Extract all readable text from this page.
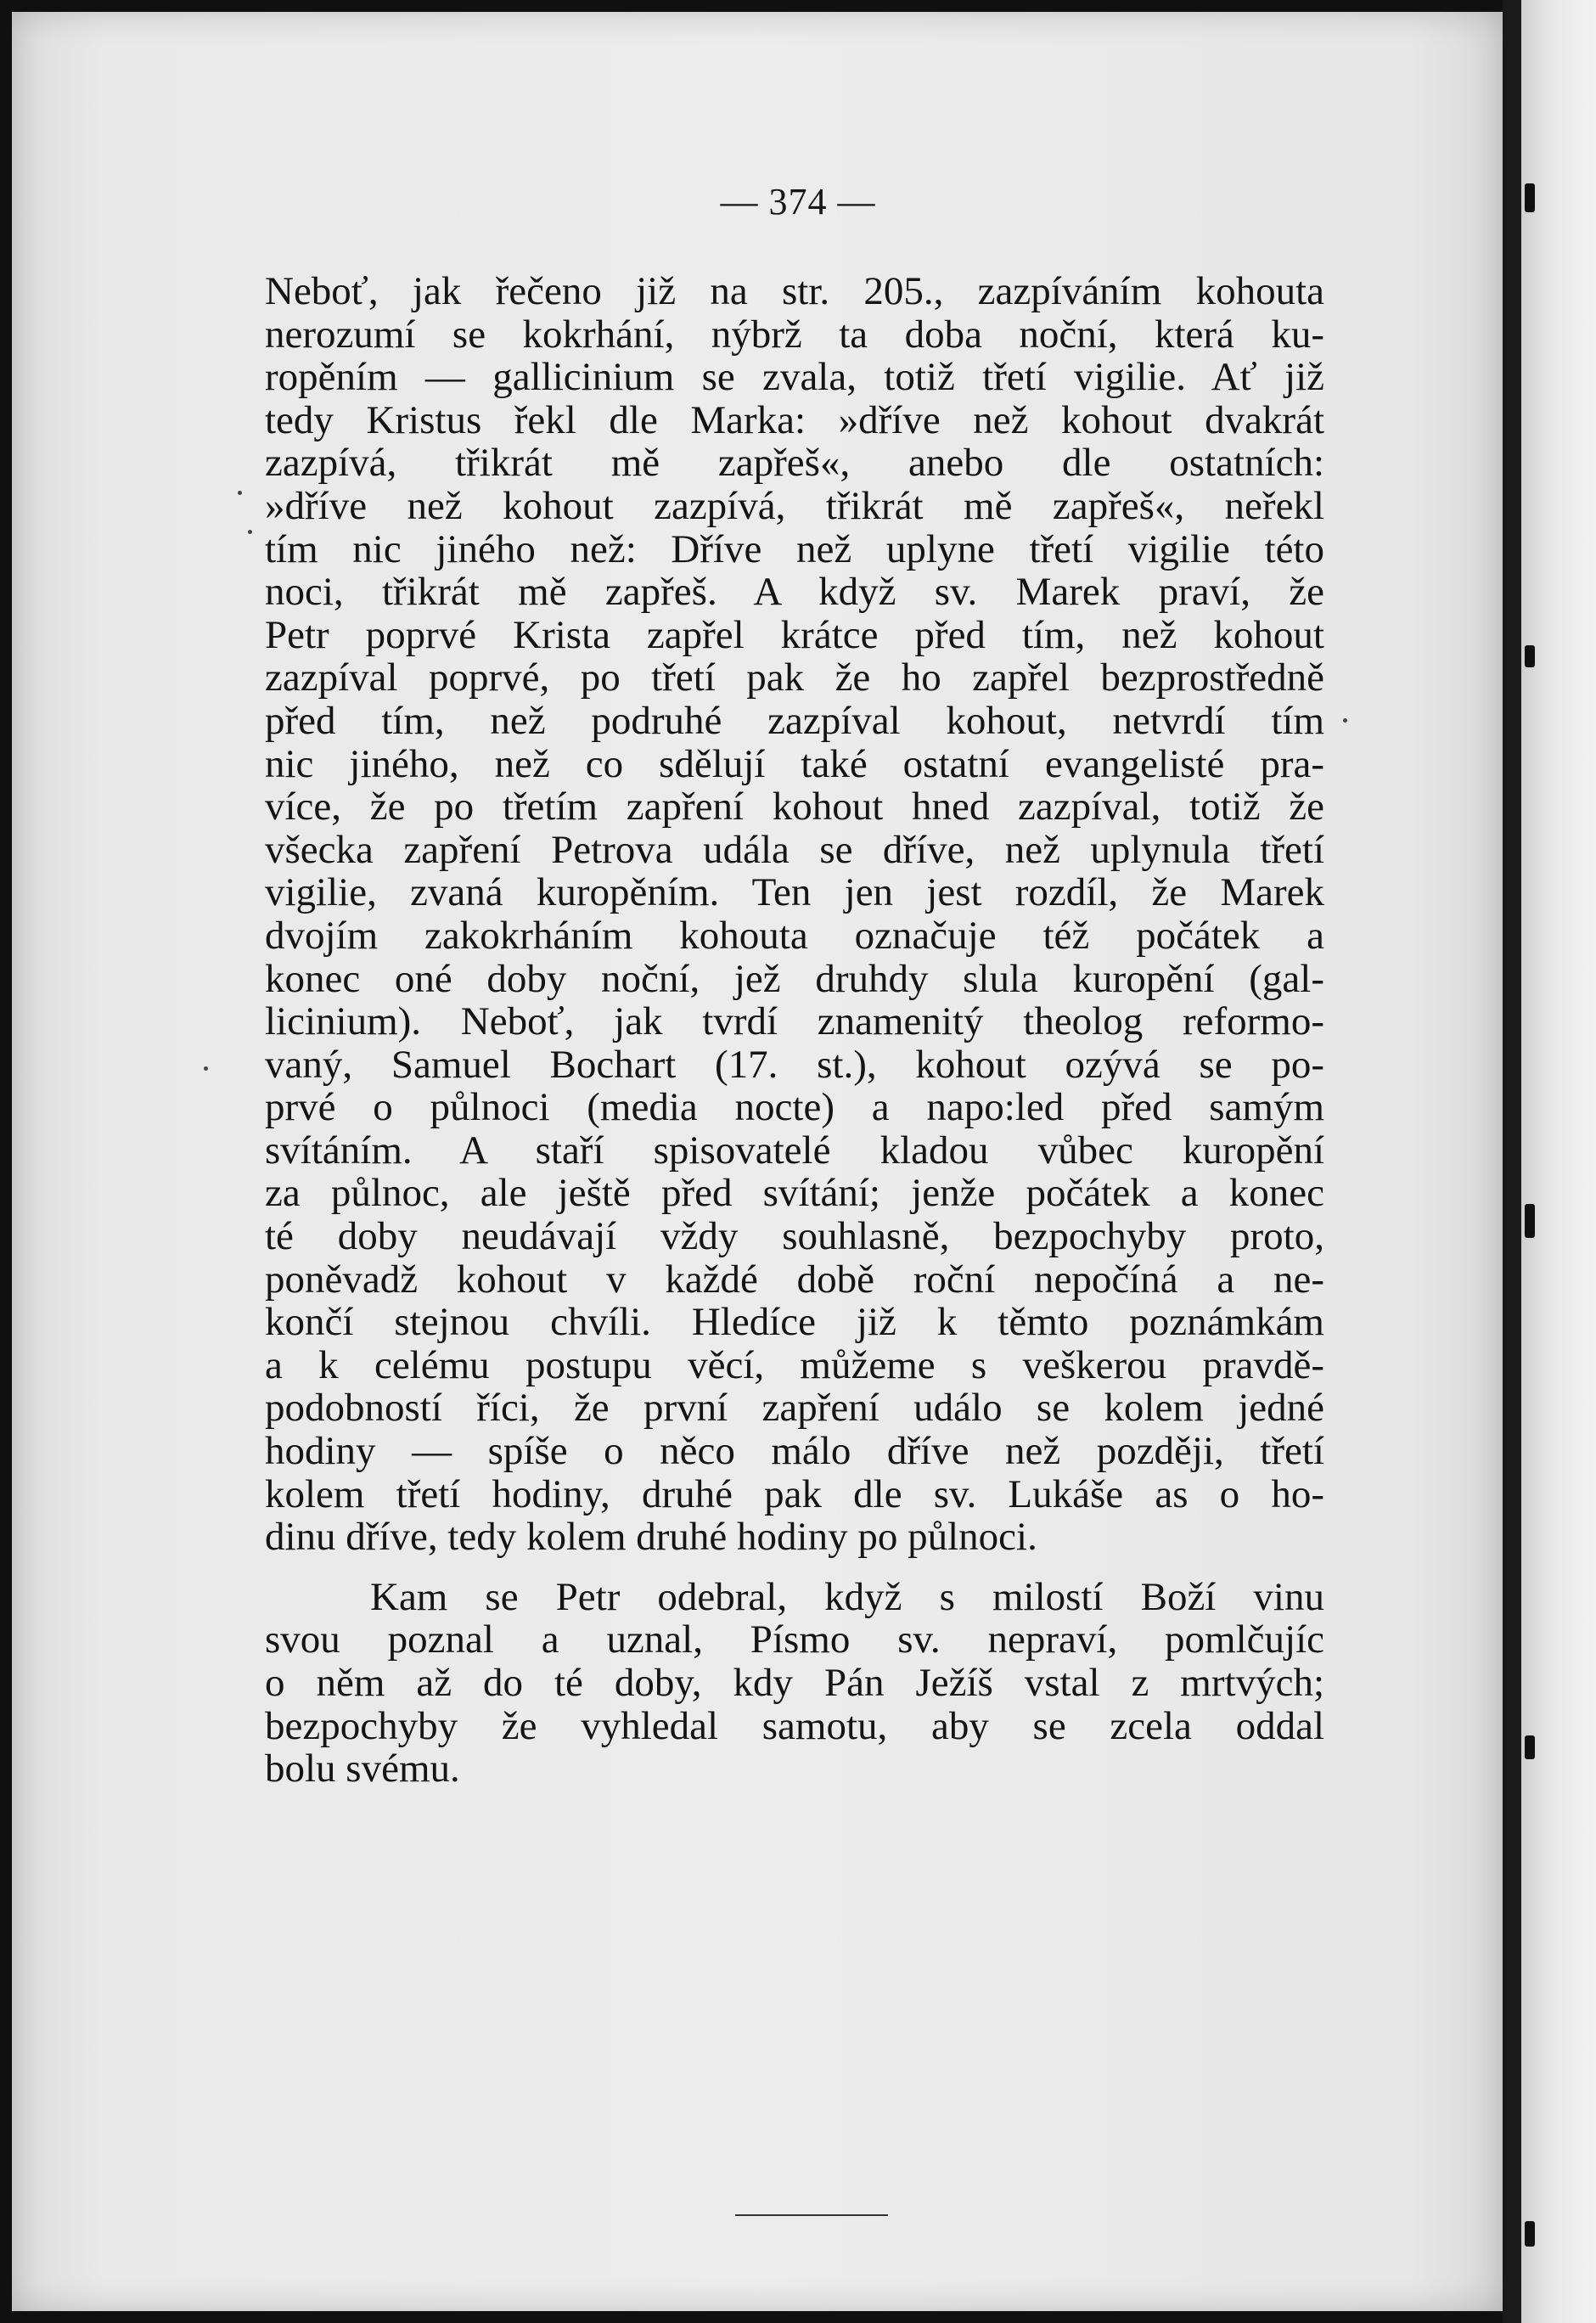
— 374 —
Neboť, jak řečeno již na str. 205., zazpíváním kohouta
nerozumí se kokrhání, nýbrž ta doba noční, která ku-
ropěním — gallicinium se zvala, totiž třetí vigilie. Ať již
tedy Kristus řekl dle Marka: »dříve než kohout dvakrát
zazpívá, třikrát mě zapřeš«, anebo dle ostatních:
»dříve než kohout zazpívá, třikrát mě zapřeš«, neřekl
tím nic jiného než: Dříve než uplyne třetí vigilie této
noci, třikrát mě zapřeš. A když sv. Marek praví, že
Petr poprvé Krista zapřel krátce před tím, než kohout
zazpíval poprvé, po třetí pak že ho zapřel bezprostředně
před tím, než podruhé zazpíval kohout, netvrdí tím
nic jiného, než co sdělují také ostatní evangelisté pra-
více, že po třetím zapření kohout hned zazpíval, totiž že
všecka zapření Petrova udála se dříve, než uplynula třetí
vigilie, zvaná kuropěním. Ten jen jest rozdíl, že Marek
dvojím zakokrháním kohouta označuje též počátek a
konec oné doby noční, jež druhdy slula kuropění (gal-
licinium). Neboť, jak tvrdí znamenitý theolog reformo-
vaný, Samuel Bochart (17. st.), kohout ozývá se po-
prvé o půlnoci (media nocte) a napo:led před samým
svítáním. A staří spisovatelé kladou vůbec kuropění
za půlnoc, ale ještě před svítání; jenže počátek a konec
té doby neudávají vždy souhlasně, bezpochyby proto,
poněvadž kohout v každé době roční nepočíná a ne-
končí stejnou chvíli. Hledíce již k těmto poznámkám
a k celému postupu věcí, můžeme s veškerou pravdě-
podobností říci, že první zapření událo se kolem jedné
hodiny — spíše o něco málo dříve než později, třetí
kolem třetí hodiny, druhé pak dle sv. Lukáše as o ho-
dinu dříve, tedy kolem druhé hodiny po půlnoci.
Kam se Petr odebral, když s milostí Boží vinu
svou poznal a uznal, Písmo sv. nepraví, pomlčujíc
o něm až do té doby, kdy Pán Ježíš vstal z mrtvých;
bezpochyby že vyhledal samotu, aby se zcela oddal
bolu svému.
